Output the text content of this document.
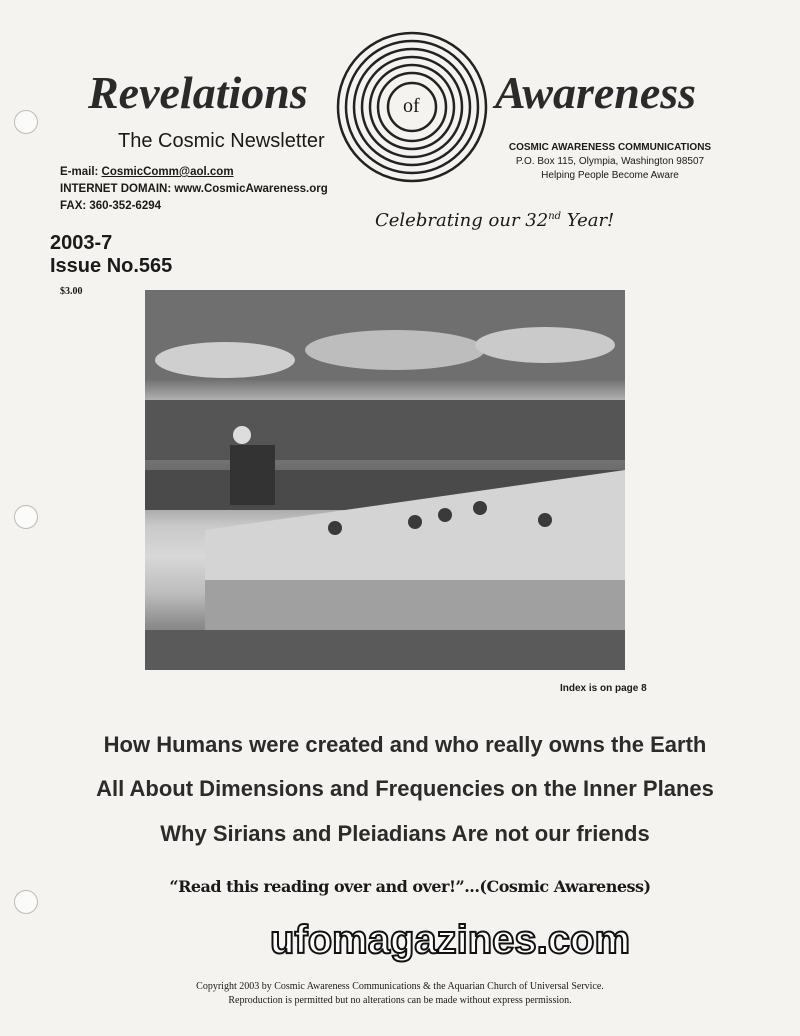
Revelations	of Awareness
The Cosmic Newsletter
E-mail: CosmicComm@aol.com
INTERNET DOMAIN: www.CosmicAwareness.org
FAX: 360-352-6294
COSMIC AWARENESS COMMUNICATIONS
P.O. Box 115, Olympia, Washington 98507
Helping People Become Aware
Celebrating our 32nd Year!
2003-7
Issue No.565
$3.00
Index is on page 8
How Humans were created and who really owns the Earth
All About Dimensions and Frequencies on the Inner Planes
Why Sirians and Pleiadians Are not our friends
“Read this reading over and over!”...(Cosmic Awareness)
ufomagazines.com
Copyright 2003 by Cosmic Awareness Communications & the Aquarian Church of Universal Service.
Reproduction is permitted but no alterations can be made without express permission.
